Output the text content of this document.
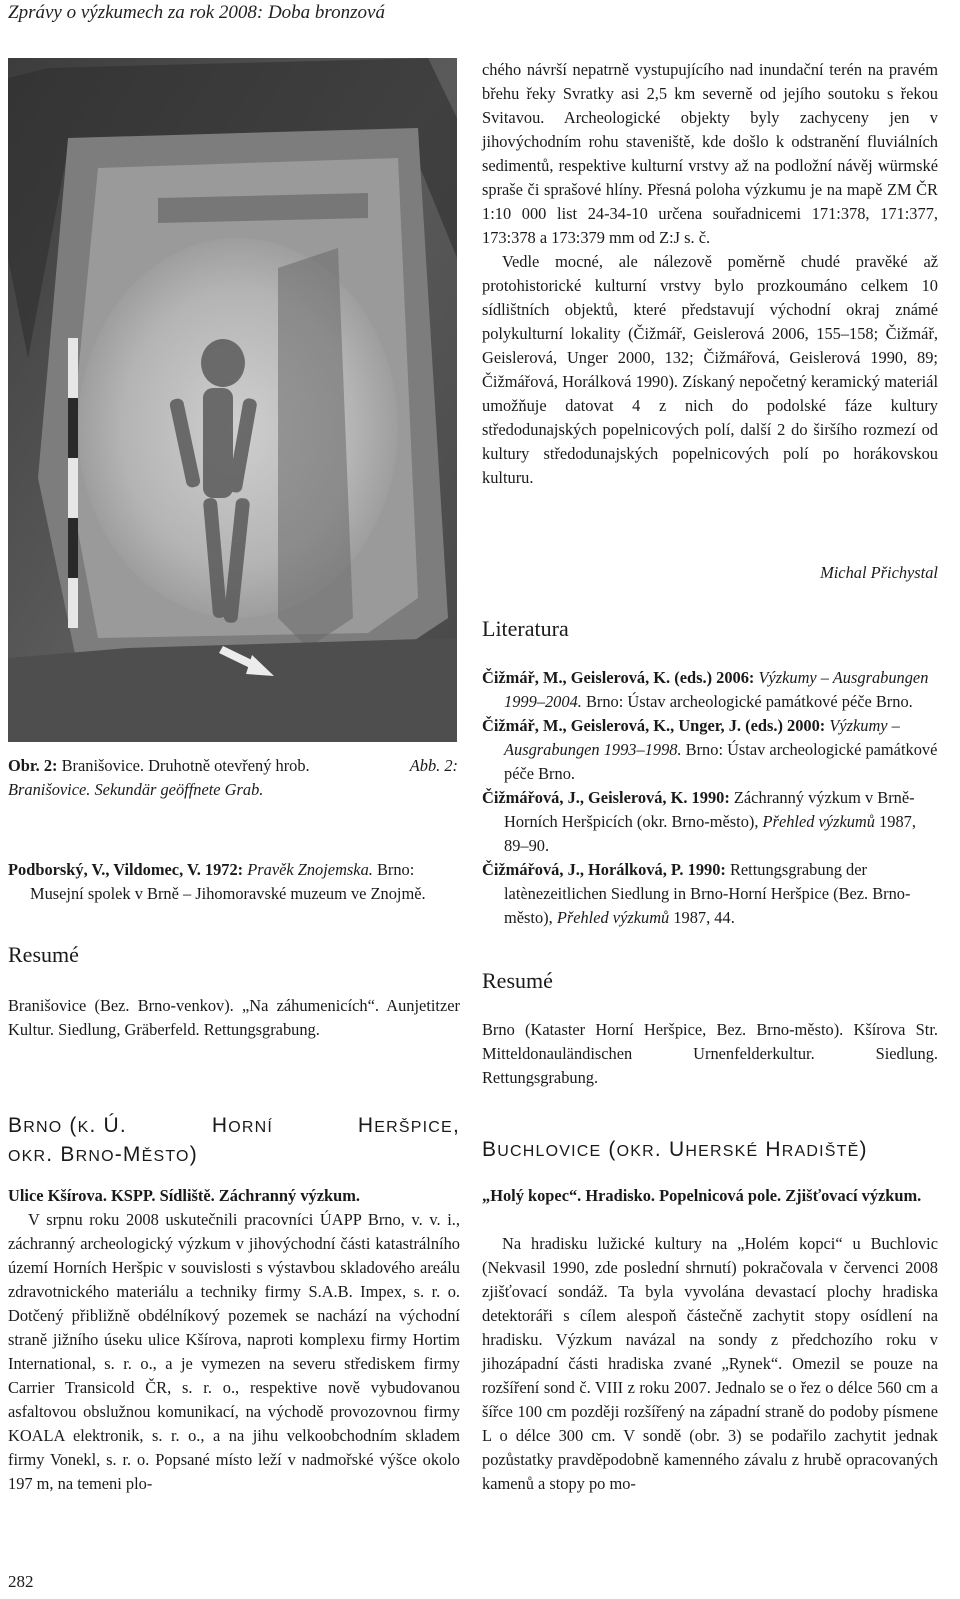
Zprávy o výzkumech za rok 2008: Doba bronzová
Abb. 2:
Obr. 2: Branišovice. Druhotně otevřený hrob.
Branišovice. Sekundär geöffnete Grab.

Podborský, V., Vildomec, V. 1972: Pravěk Znojemska. Brno: Musejní spolek v Brně – Jihomoravské muzeum ve Znojmě.

Resumé
Branišovice (Bez. Brno-venkov). „Na záhumenicích“. Aunjetitzer Kultur. Siedlung, Gräberfeld. Rettungsgrabung.
BRNO (K. Ú.	HORNÍ	HERŠPICE,
OKR. BRNO-MĚSTO)
Ulice Kšírova. KSPP. Sídliště. Záchranný výzkum.

V srpnu roku 2008 uskutečnili pracovníci ÚAPP Brno, v. v. i., záchranný archeologický výzkum v jihovýchodní části katastrálního území Horních Heršpic v souvislosti s výstavbou skladového areálu zdravotnického materiálu a techniky firmy S.A.B. Impex, s. r. o. Dotčený přibližně obdélníkový pozemek se nachází na východní straně jižního úseku ulice Kšírova, naproti komplexu firmy Hortim International, s. r. o., a je vymezen na severu střediskem firmy Carrier Transicold ČR, s. r. o., respektive nově vybudovanou asfaltovou obslužnou komunikací, na východě provozovnou firmy KOALA elektronik, s. r. o., a na jihu velkoobchodním skladem firmy Vonekl, s. r. o. Popsané místo leží v nadmořské výšce okolo 197 m, na temeni plo-

282

chého návrší nepatrně vystupujícího nad inundační terén na pravém břehu řeky Svratky asi 2,5 km severně od jejího soutoku s řekou Svitavou. Archeologické objekty byly zachyceny jen v jihovýchodním rohu staveniště, kde došlo k odstranění fluviálních sedimentů, respektive kulturní vrstvy až na podložní návěj würmské spraše či sprašové hlíny. Přesná poloha výzkumu je na mapě ZM ČR 1:10 000 list 24-34-10 určena souřadnicemi 171:378, 171:377, 173:378 a 173:379 mm od Z:J s. č.

Vedle mocné, ale nálezově poměrně chudé pravěké až protohistorické kulturní vrstvy bylo prozkoumáno celkem 10 sídlištních objektů, které představují východní okraj známé polykulturní lokality (Čižmář, Geislerová 2006, 155–158; Čižmář, Geislerová, Unger 2000, 132; Čižmářová, Geislerová 1990, 89; Čižmářová, Horálková 1990). Získaný nepočetný keramický materiál umožňuje datovat 4 z nich do podolské fáze kultury středodunajských popelnicových polí, další 2 do širšího rozmezí od kultury středodunajských popelnicových polí po horákovskou kulturu.

Michal Přichystal
Literatura

Čižmář, M., Geislerová, K. (eds.) 2006: Výzkumy – Ausgrabungen 1999–2004. Brno: Ústav archeologické památkové péče Brno.

Čižmář, M., Geislerová, K., Unger, J. (eds.) 2000: Výzkumy – Ausgrabungen 1993–1998. Brno: Ústav archeologické památkové péče Brno.

Čižmářová, J., Geislerová, K. 1990: Záchranný výzkum v Brně-Horních Heršpicích (okr. Brno-město), Přehled výzkumů 1987, 89–90.

Čižmářová, J., Horálková, P. 1990: Rettungsgrabung der latènezeitlichen Siedlung in Brno-Horní Heršpice (Bez. Brno-město), Přehled výzkumů 1987, 44.

Resumé
Brno (Kataster Horní Heršpice, Bez. Brno-město). Kšírova Str. Mitteldonauländischen Urnenfelderkultur. Siedlung. Rettungsgrabung.
BUCHLOVICE (OKR. UHERSKÉ HRADIŠTĚ)
„Holý kopec“. Hradisko. Popelnicová pole. Zjišťovací výzkum.

Na hradisku lužické kultury na „Holém kopci“ u Buchlovic (Nekvasil 1990, zde poslední shrnutí) pokračovala v červenci 2008 zjišťovací sondáž. Ta byla vyvolána devastací plochy hradiska detektoráři s cílem alespoň částečně zachytit stopy osídlení na hradisku. Výzkum navázal na sondy z předchozího roku v jihozápadní části hradiska zvané „Rynek“. Omezil se pouze na rozšíření sond č. VIII z roku 2007. Jednalo se o řez o délce 560 cm a šířce 100 cm později rozšířený na západní straně do podoby písmene L o délce 300 cm. V sondě (obr. 3) se podařilo zachytit jednak pozůstatky pravděpodobně kamenného závalu z hrubě opracovaných kamenů a stopy po mo-
